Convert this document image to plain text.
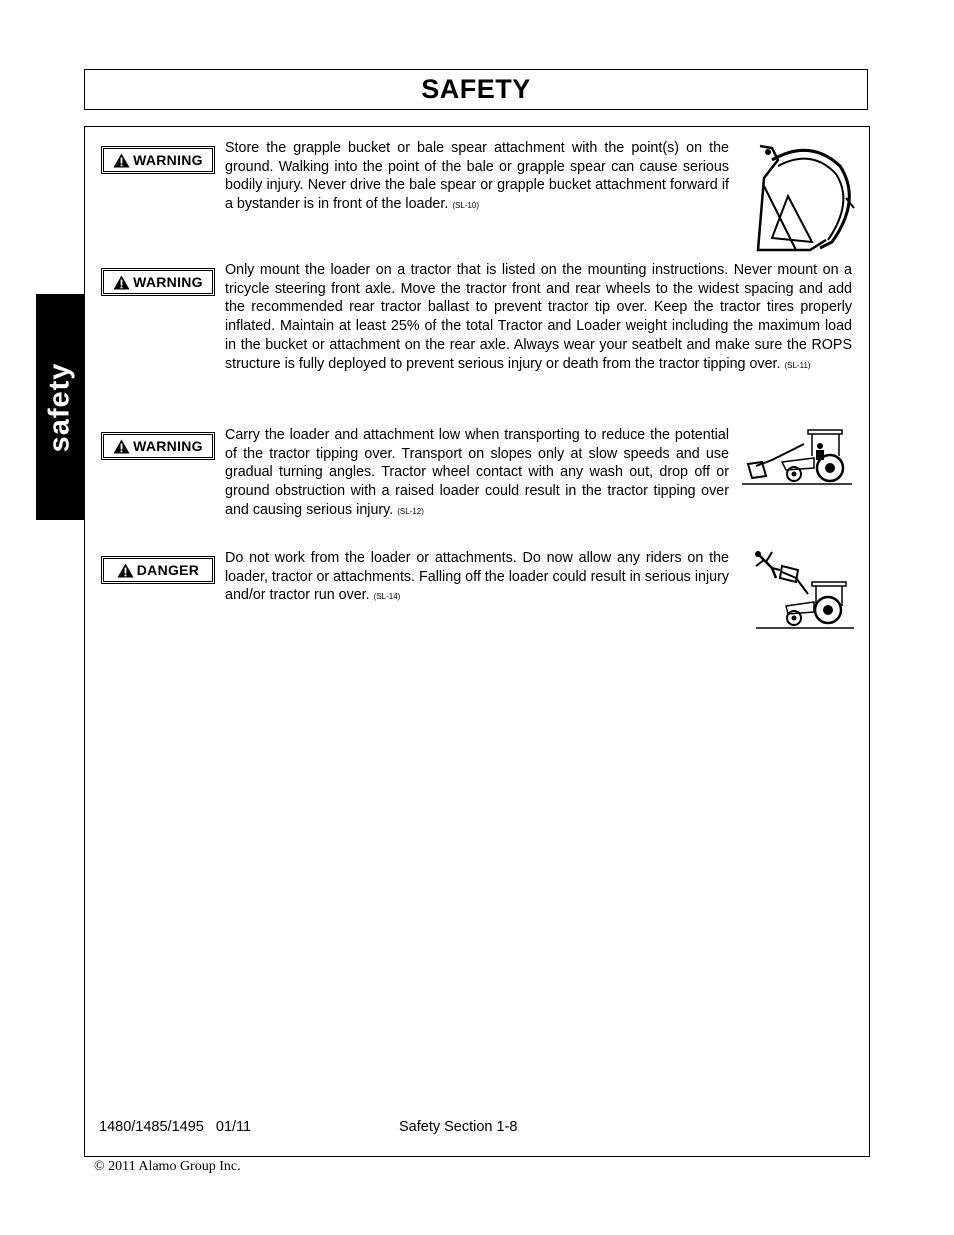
SAFETY
safety
WARNING

Store the grapple bucket or bale spear attachment with the point(s) on the ground. Walking into the point of the bale or grapple spear can cause serious bodily injury. Never drive the bale spear or grapple bucket attachment forward if a bystander is in front of the loader. (SL-10)

WARNING

Only mount the loader on a tractor that is listed on the mounting instructions. Never mount on a tricycle steering front axle. Move the tractor front and rear wheels to the widest spacing and add the recommended rear tractor ballast to prevent tractor tip over. Keep the tractor tires properly inflated. Maintain at least 25% of the total Tractor and Loader weight including the maximum load in the bucket or attachment on the rear axle. Always wear your seatbelt and make sure the ROPS structure is fully deployed to prevent serious injury or death from the tractor tipping over. (SL-11)

WARNING

Carry the loader and attachment low when transporting to reduce the potential of the tractor tipping over. Transport on slopes only at slow speeds and use gradual turning angles. Tractor wheel contact with any wash out, drop off or ground obstruction with a raised loader could result in the tractor tipping over and causing serious injury. (SL-12)

DANGER

Do not work from the loader or attachments. Do now allow any riders on the loader, tractor or attachments. Falling off the loader could result in serious injury and/or tractor run over. (SL-14)

1480/1485/1495   01/11	Safety Section 1-8
© 2011 Alamo Group Inc.
